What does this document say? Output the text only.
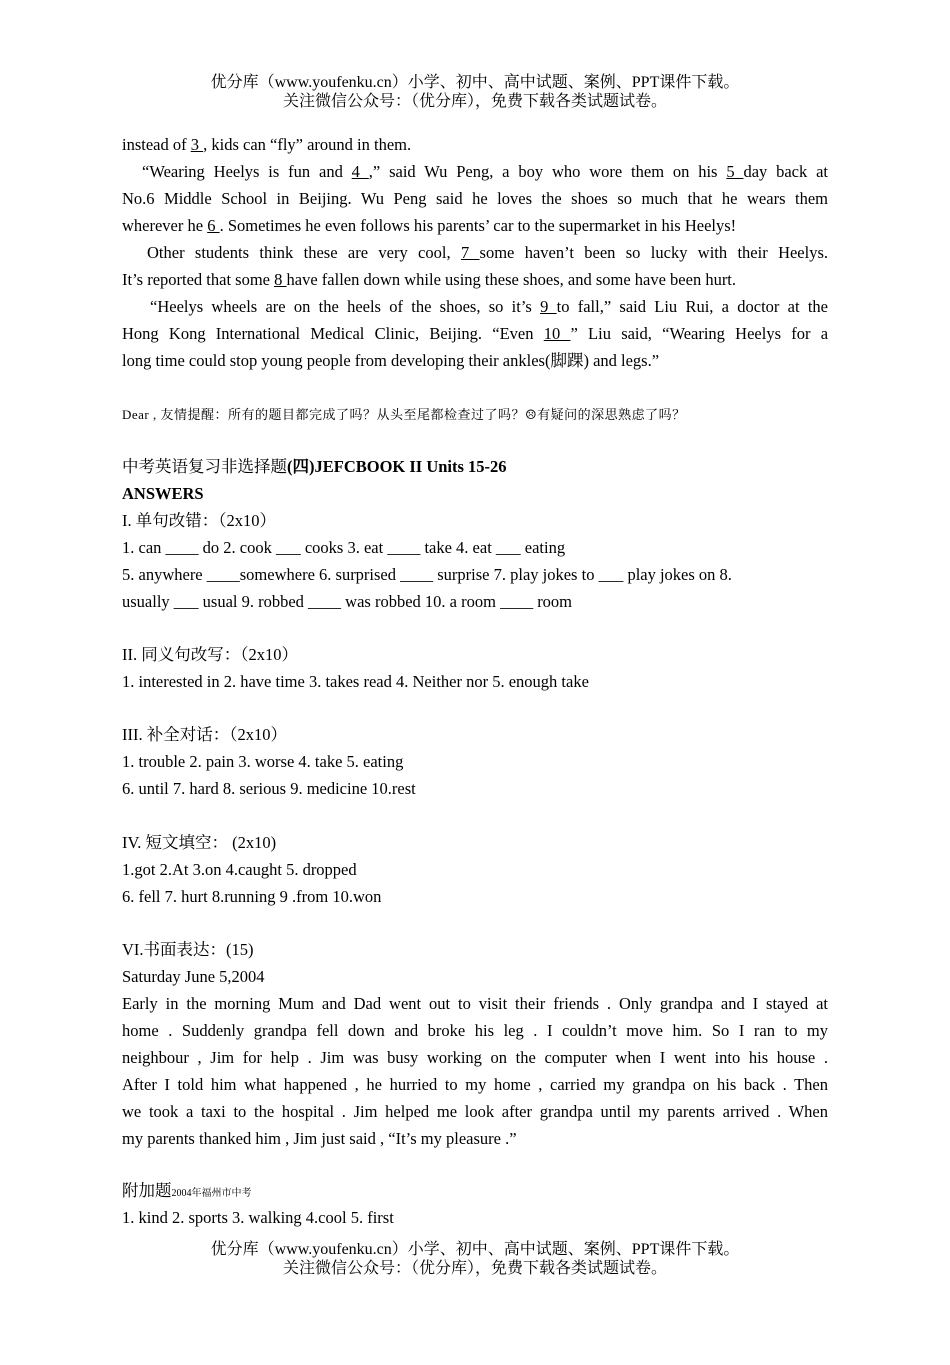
优分库（www.youfenku.cn）小学、初中、高中试题、案例、PPT课件下载。
关注微信公众号：（优分库），免费下载各类试题试卷。
instead of 3 , kids can “fly” around in them.
“Wearing Heelys is fun and 4 ,” said Wu Peng, a boy who wore them on his 5 day back at
No.6 Middle School in Beijing. Wu Peng said he loves the shoes so much that he wears them
wherever he 6 . Sometimes he even follows his parents’ car to the supermarket in his Heelys!
Other students think these are very cool, 7 some haven’t been so lucky with their Heelys.
It’s reported that some 8 have fallen down while using these shoes, and some have been hurt.
“Heelys wheels are on the heels of the shoes, so it’s 9 to fall,” said Liu Rui, a doctor at the
Hong Kong International Medical Clinic, Beijing. “Even 10 ” Liu said, “Wearing Heelys for a
long time could stop young people from developing their ankles(脚踝) and legs.”
Dear , 友情提醒：所有的题目都完成了吗？从头至尾都检查过了吗？☹有疑问的深思熟虑了吗？
中考英语复习非选择题(四)JEFCBOOK II Units 15-26
ANSWERS
I. 单句改错：（2x10）
1. can ____ do 2. cook ___ cooks 3. eat ____ take 4. eat ___ eating
5. anywhere ____somewhere 6. surprised ____ surprise 7. play jokes to ___ play jokes on 8.
usually ___ usual 9. robbed ____ was robbed 10. a room ____ room
II. 同义句改写：（2x10）
1. interested in 2. have time 3. takes read 4. Neither nor 5. enough take
III. 补全对话：（2x10）
1. trouble 2. pain 3. worse 4. take 5. eating
6. until 7. hard 8. serious 9. medicine 10.rest
IV. 短文填空： (2x10)
1.got 2.At 3.on 4.caught 5. dropped
6. fell 7. hurt 8.running 9 .from 10.won
VI.书面表达：(15)
Saturday June 5,2004
Early in the morning Mum and Dad went out to visit their friends . Only grandpa and I stayed at
home . Suddenly grandpa fell down and broke his leg . I couldn’t move him. So I ran to my
neighbour , Jim for help . Jim was busy working on the computer when I went into his house .
After I told him what happened , he hurried to my home , carried my grandpa on his back . Then
we took a taxi to the hospital . Jim helped me look after grandpa until my parents arrived . When
my parents thanked him , Jim just said , “It’s my pleasure .”
附加题2004年福州市中考
1. kind 2. sports 3. walking 4.cool 5. first
优分库（www.youfenku.cn）小学、初中、高中试题、案例、PPT课件下载。
关注微信公众号：（优分库），免费下载各类试题试卷。
